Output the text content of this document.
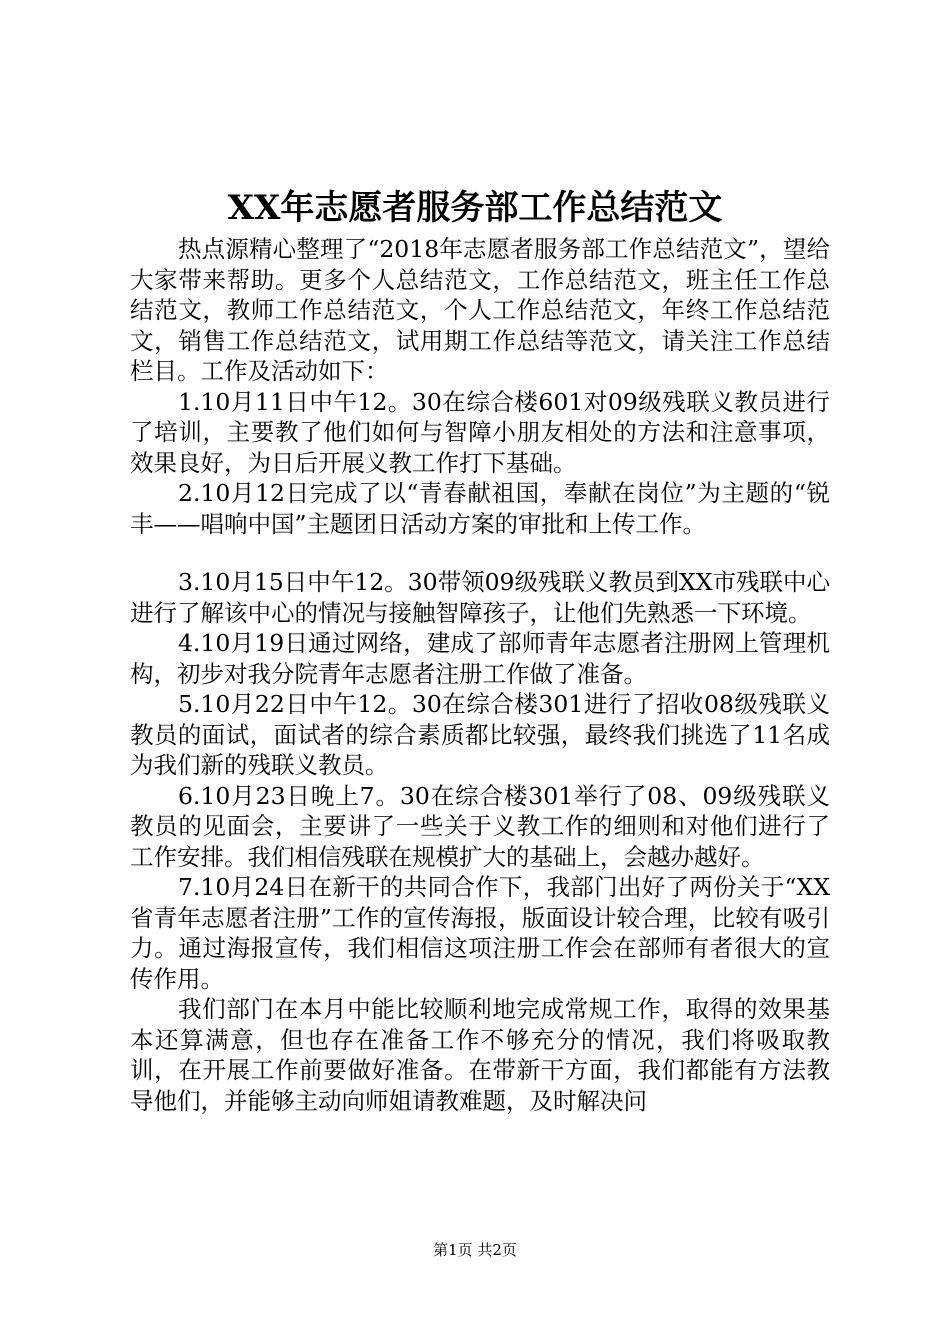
XX年志愿者服务部工作总结范文

热点源精心整理了“2018年志愿者服务部工作总结范文”，望给大家带来帮助。更多个人总结范文，工作总结范文，班主任工作总结范文，教师工作总结范文，个人工作总结范文，年终工作总结范文，销售工作总结范文，试用期工作总结等范文，请关注工作总结栏目。工作及活动如下：

1.10月11日中午12。30在综合楼601对09级残联义教员进行了培训，主要教了他们如何与智障小朋友相处的方法和注意事项，效果良好，为日后开展义教工作打下基础。

2.10月12日完成了以“青春献祖国，奉献在岗位”为主题的“锐丰——唱响中国”主题团日活动方案的审批和上传工作。

3.10月15日中午12。30带领09级残联义教员到XX市残联中心进行了解该中心的情况与接触智障孩子，让他们先熟悉一下环境。

4.10月19日通过网络，建成了部师青年志愿者注册网上管理机构，初步对我分院青年志愿者注册工作做了准备。

5.10月22日中午12。30在综合楼301进行了招收08级残联义教员的面试，面试者的综合素质都比较强，最终我们挑选了11名成为我们新的残联义教员。

6.10月23日晚上7。30在综合楼301举行了08、09级残联义教员的见面会，主要讲了一些关于义教工作的细则和对他们进行了工作安排。我们相信残联在规模扩大的基础上，会越办越好。

7.10月24日在新干的共同合作下，我部门出好了两份关于“XX省青年志愿者注册”工作的宣传海报，版面设计较合理，比较有吸引力。通过海报宣传，我们相信这项注册工作会在部师有者很大的宣传作用。

我们部门在本月中能比较顺利地完成常规工作，取得的效果基本还算满意，但也存在准备工作不够充分的情况，我们将吸取教训，在开展工作前要做好准备。在带新干方面，我们都能有方法教导他们，并能够主动向师姐请教难题，及时解决问

第1页 共2页
